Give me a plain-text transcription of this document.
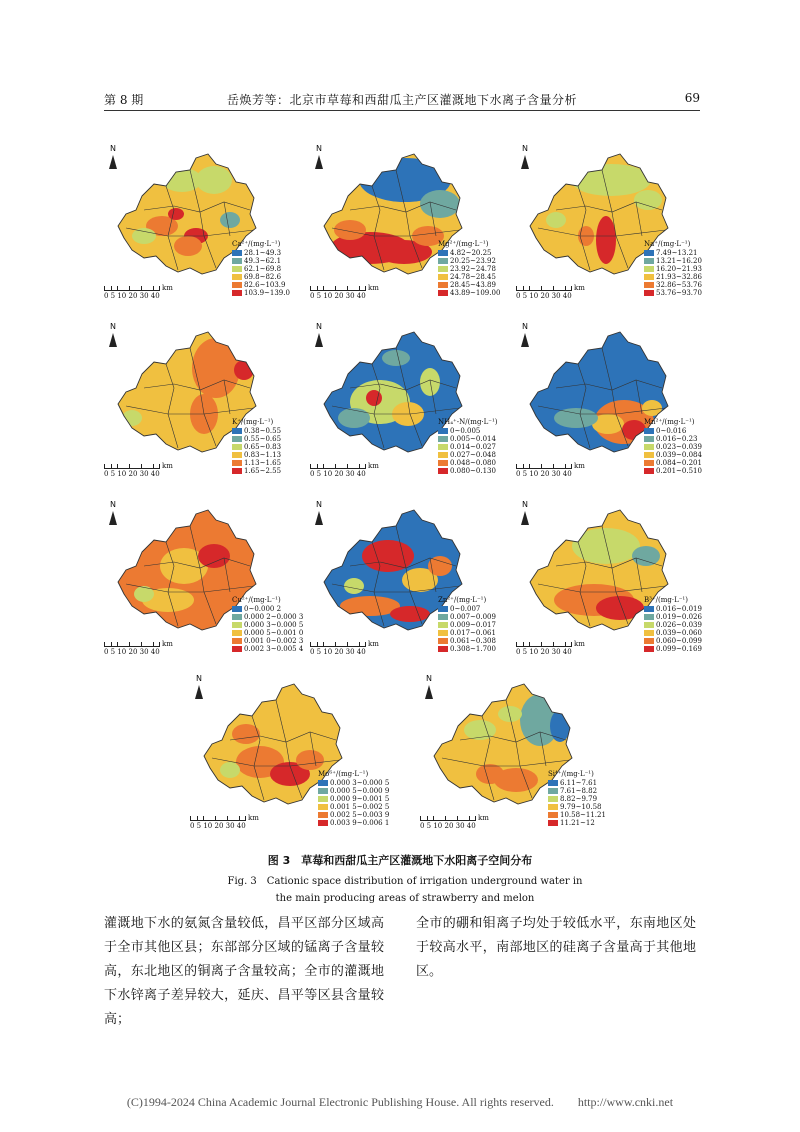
第 8 期	岳焕芳等：北京市草莓和西甜瓜主产区灌溉地下水离子含量分析	69
N
Ca²⁺/(mg·L⁻¹)
28.1~49.3
49.3~62.1
62.1~69.8
69.8~82.6
82.6~103.9
103.9~139.0
km
0 5 10 20 30 40
N
Mg²⁺/(mg·L⁻¹)
4.82~20.25
20.25~23.92
23.92~24.78
24.78~28.45
28.45~43.89
43.89~109.00
km
0 5 10 20 30 40
N
Na⁺/(mg·L⁻¹)
7.49~13.21
13.21~16.20
16.20~21.93
21.93~32.86
32.86~53.76
53.76~93.70
km
0 5 10 20 30 40
N
K⁺/(mg·L⁻¹)
0.38~0.55
0.55~0.65
0.65~0.83
0.83~1.13
1.13~1.65
1.65~2.55
km
0 5 10 20 30 40
N
NH₄⁺-N/(mg·L⁻¹)
0~0.005
0.005~0.014
0.014~0.027
0.027~0.048
0.048~0.080
0.080~0.130
km
0 5 10 20 30 40
N
Mn²⁺/(mg·L⁻¹)
0~0.016
0.016~0.23
0.023~0.039
0.039~0.084
0.084~0.201
0.201~0.510
km
0 5 10 20 30 40
N
Cu²⁺/(mg·L⁻¹)
0~0.000 2
0.000 2~0.000 3
0.000 3~0.000 5
0.000 5~0.001 0
0.001 0~0.002 3
0.002 3~0.005 4
km
0 5 10 20 30 40
N
Zn²⁺/(mg·L⁻¹)
0~0.007
0.007~0.009
0.009~0.017
0.017~0.061
0.061~0.308
0.308~1.700
km
0 5 10 20 30 40
N
B³⁺/(mg·L⁻¹)
0.016~0.019
0.019~0.026
0.026~0.039
0.039~0.060
0.060~0.099
0.099~0.169
km
0 5 10 20 30 40
N
Mo⁶⁺/(mg·L⁻¹)
0.000 3~0.000 5
0.000 5~0.000 9
0.000 9~0.001 5
0.001 5~0.002 5
0.002 5~0.003 9
0.003 9~0.006 1
km
0 5 10 20 30 40
N
Si⁴⁺/(mg·L⁻¹)
6.11~7.61
7.61~8.82
8.82~9.79
9.79~10.58
10.58~11.21
11.21~12
km
0 5 10 20 30 40
图 3　草莓和西甜瓜主产区灌溉地下水阳离子空间分布
Fig. 3　Cationic space distribution of irrigation underground water in the main producing areas of strawberry and melon
灌溉地下水的氨氮含量较低，昌平区部分区域高于全市其他区县；东部部分区域的锰离子含量较高，东北地区的铜离子含量较高；全市的灌溉地下水锌离子差异较大，延庆、昌平等区县含量较高；
全市的硼和钼离子均处于较低水平，东南地区处于较高水平，南部地区的硅离子含量高于其他地区。
(C)1994-2024 China Academic Journal Electronic Publishing House. All rights reserved.　　http://www.cnki.net
